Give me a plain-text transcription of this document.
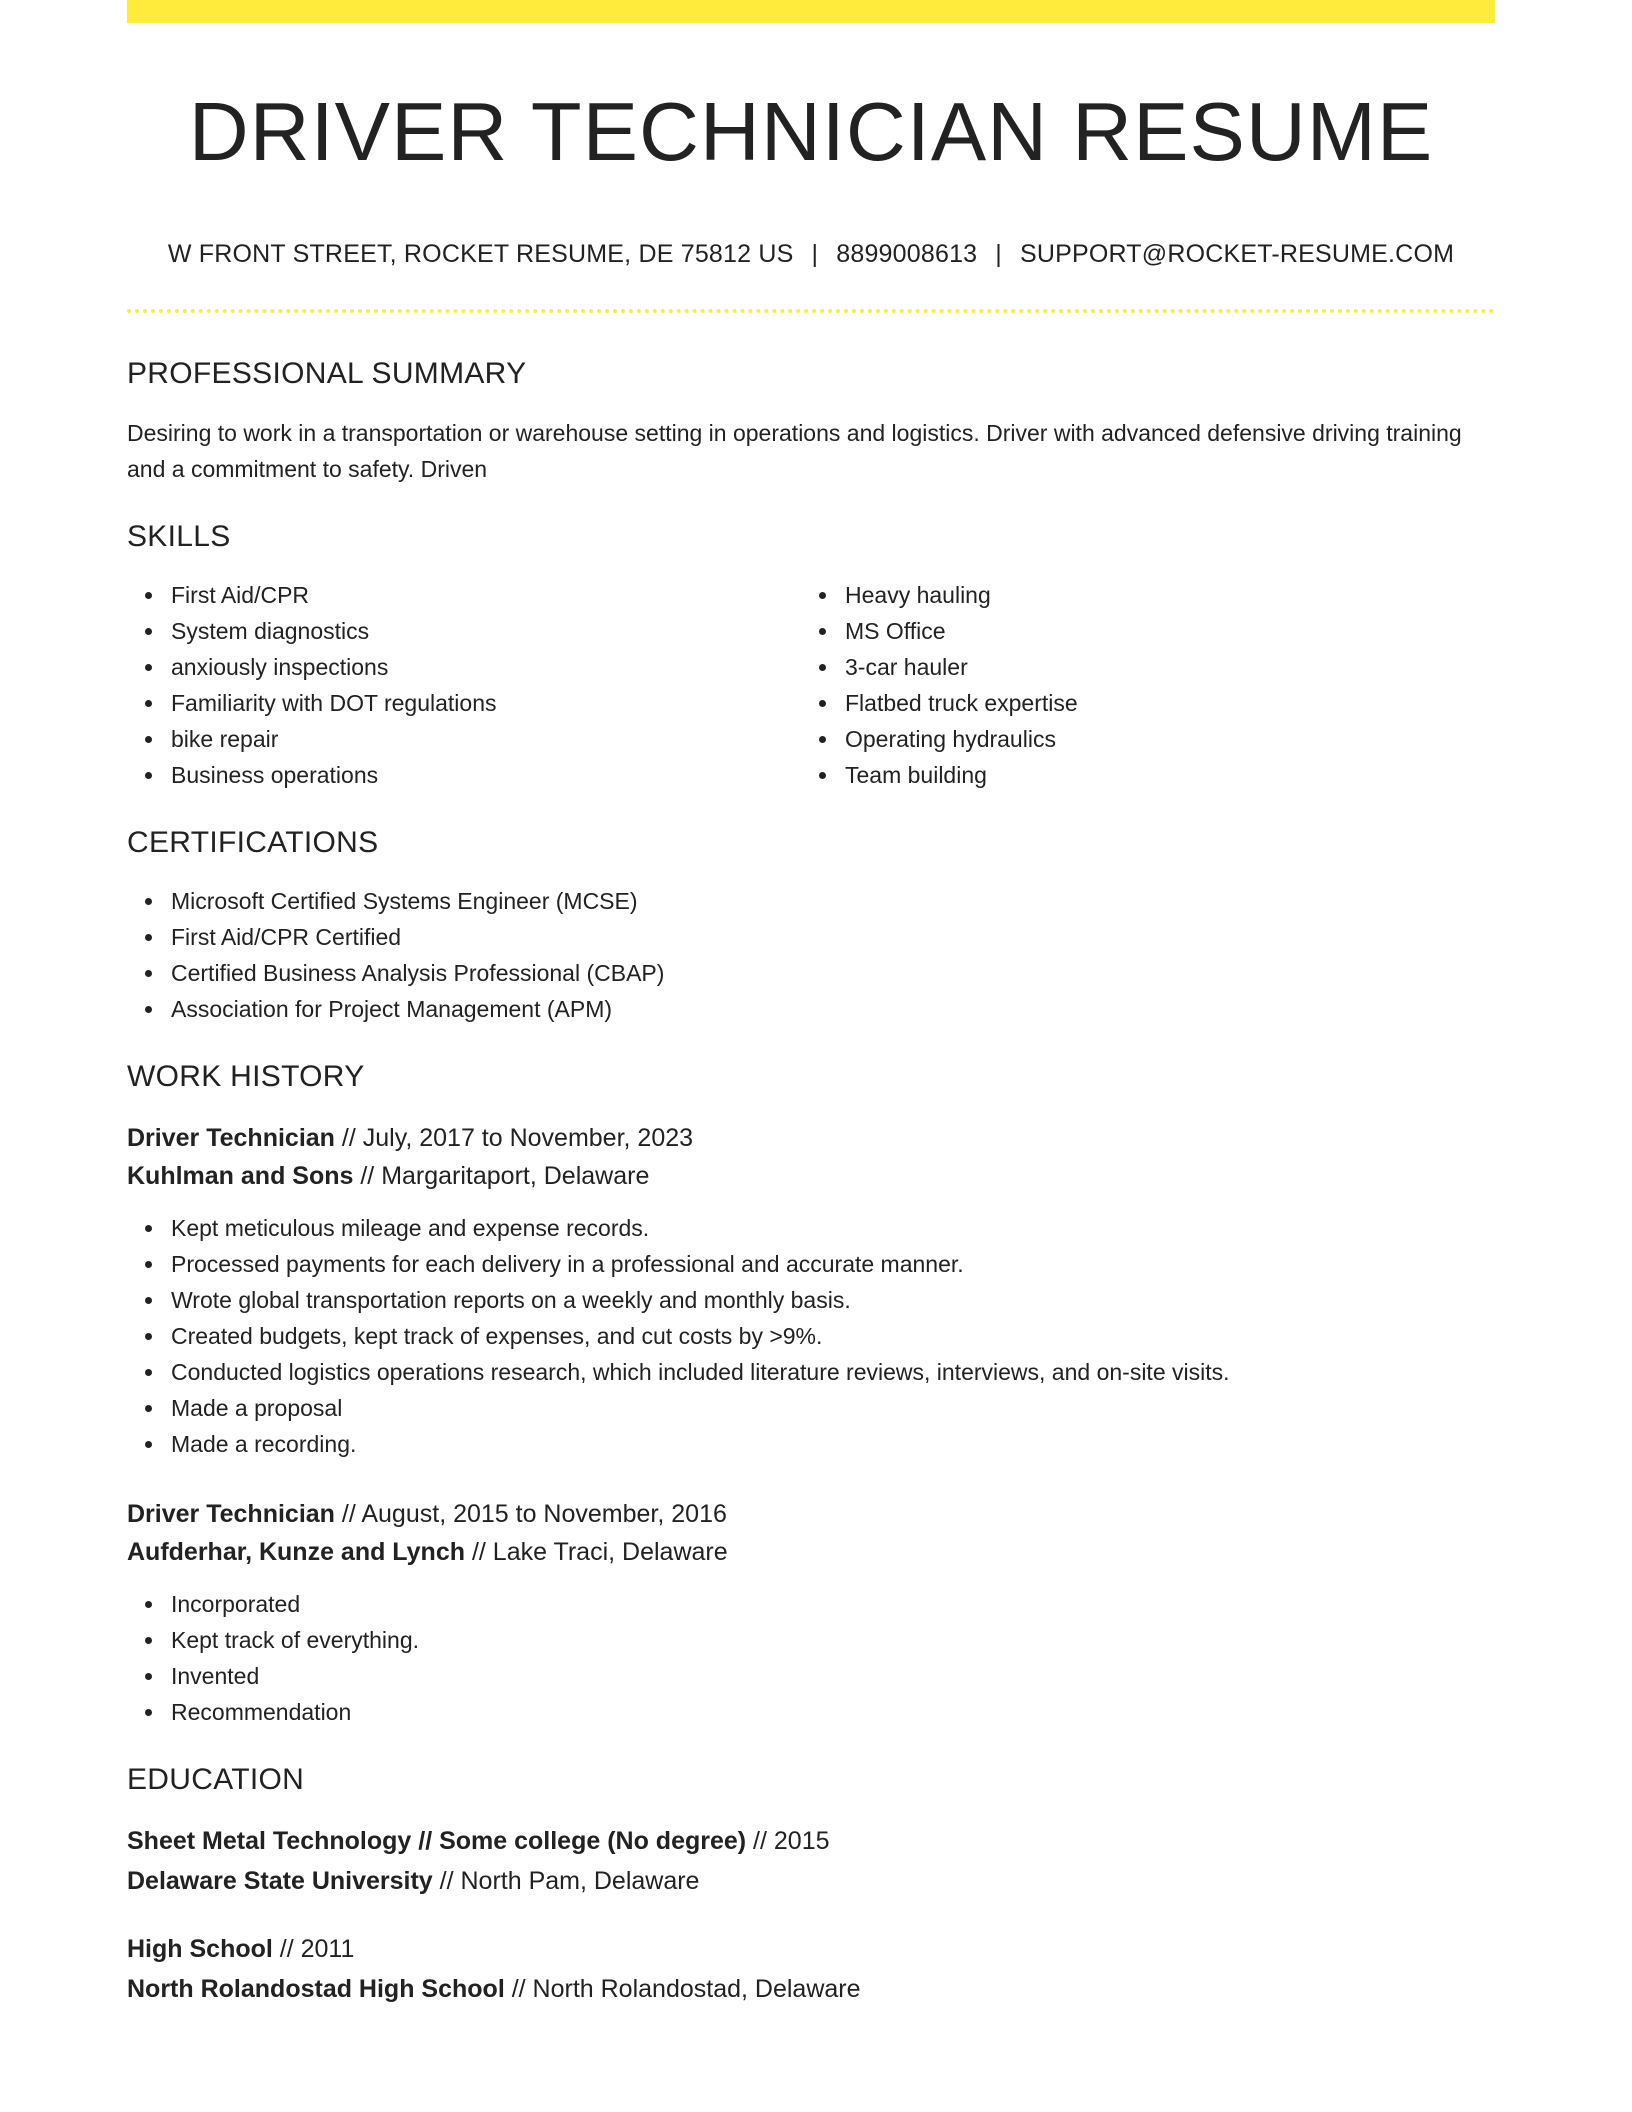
DRIVER TECHNICIAN RESUME
W FRONT STREET, ROCKET RESUME, DE 75812 US | 8899008613 | SUPPORT@ROCKET-RESUME.COM
PROFESSIONAL SUMMARY

Desiring to work in a transportation or warehouse setting in operations and logistics. Driver with advanced defensive driving training and a commitment to safety. Driven

SKILLS
First Aid/CPR
System diagnostics
anxiously inspections
Familiarity with DOT regulations
bike repair
Business operations
Heavy hauling
MS Office
3-car hauler
Flatbed truck expertise
Operating hydraulics
Team building
CERTIFICATIONS
Microsoft Certified Systems Engineer (MCSE)
First Aid/CPR Certified
Certified Business Analysis Professional (CBAP)
Association for Project Management (APM)
WORK HISTORY
Driver Technician // July, 2017 to November, 2023
Kuhlman and Sons // Margaritaport, Delaware
Kept meticulous mileage and expense records.
Processed payments for each delivery in a professional and accurate manner.
Wrote global transportation reports on a weekly and monthly basis.
Created budgets, kept track of expenses, and cut costs by >9%.
Conducted logistics operations research, which included literature reviews, interviews, and on-site visits.
Made a proposal
Made a recording.
Driver Technician // August, 2015 to November, 2016
Aufderhar, Kunze and Lynch // Lake Traci, Delaware
Incorporated
Kept track of everything.
Invented
Recommendation
EDUCATION
Sheet Metal Technology // Some college (No degree) // 2015
Delaware State University // North Pam, Delaware
High School // 2011
North Rolandostad High School // North Rolandostad, Delaware
